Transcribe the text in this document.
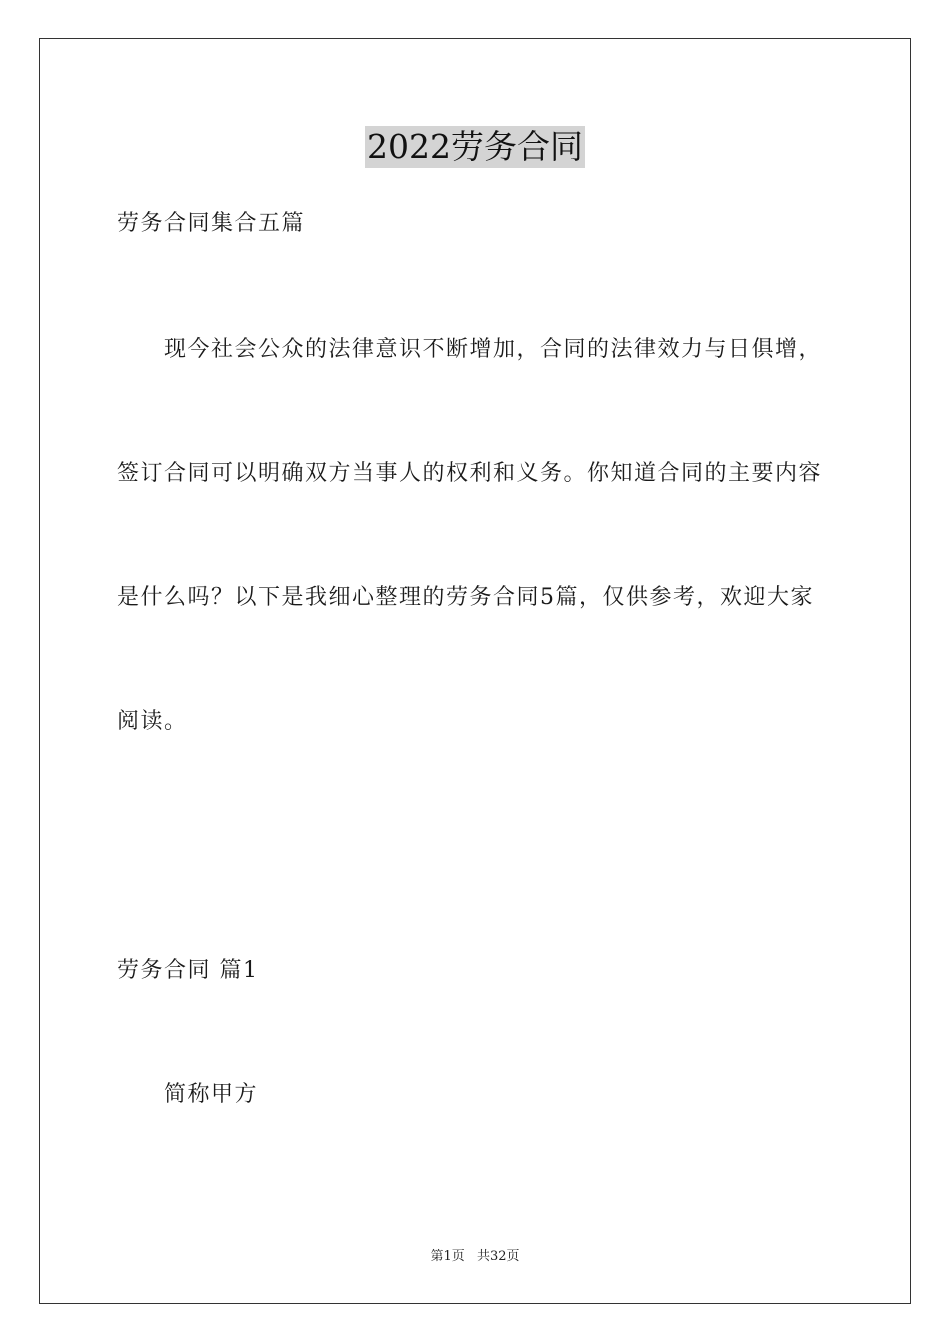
2022劳务合同
劳务合同集合五篇
现今社会公众的法律意识不断增加，合同的法律效力与日俱增，
签订合同可以明确双方当事人的权利和义务。你知道合同的主要内容
是什么吗？以下是我细心整理的劳务合同5篇，仅供参考，欢迎大家
阅读。
劳务合同 篇1
简称甲方
第1页 共32页
